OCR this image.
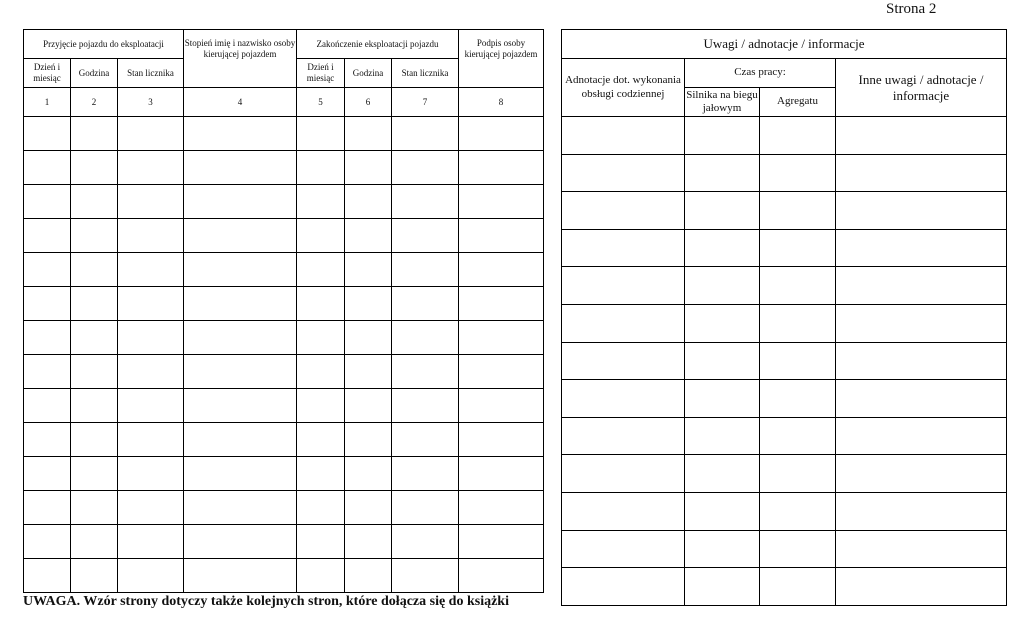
Strona 2
Przyjęcie pojazdu do eksploatacji			Stopień imię i nazwisko osoby kierującej pojazdem	Zakończenie eksploatacji pojazdu			Podpis osoby kierującej pojazdem
Dzień i miesiąc	Godzina	Stan licznika		Dzień i miesiąc	Godzina	Stan licznika	
1	2	3	4	5	6	7	8

Uwagi / adnotacje / informacje			
Adnotacje dot. wykonania obsługi codziennej	Czas pracy:		Inne uwagi / adnotacje / informacje
	Silnika na biegu jałowym	Agregatu	

UWAGA. Wzór strony dotyczy także kolejnych stron, które dołącza się do książki
